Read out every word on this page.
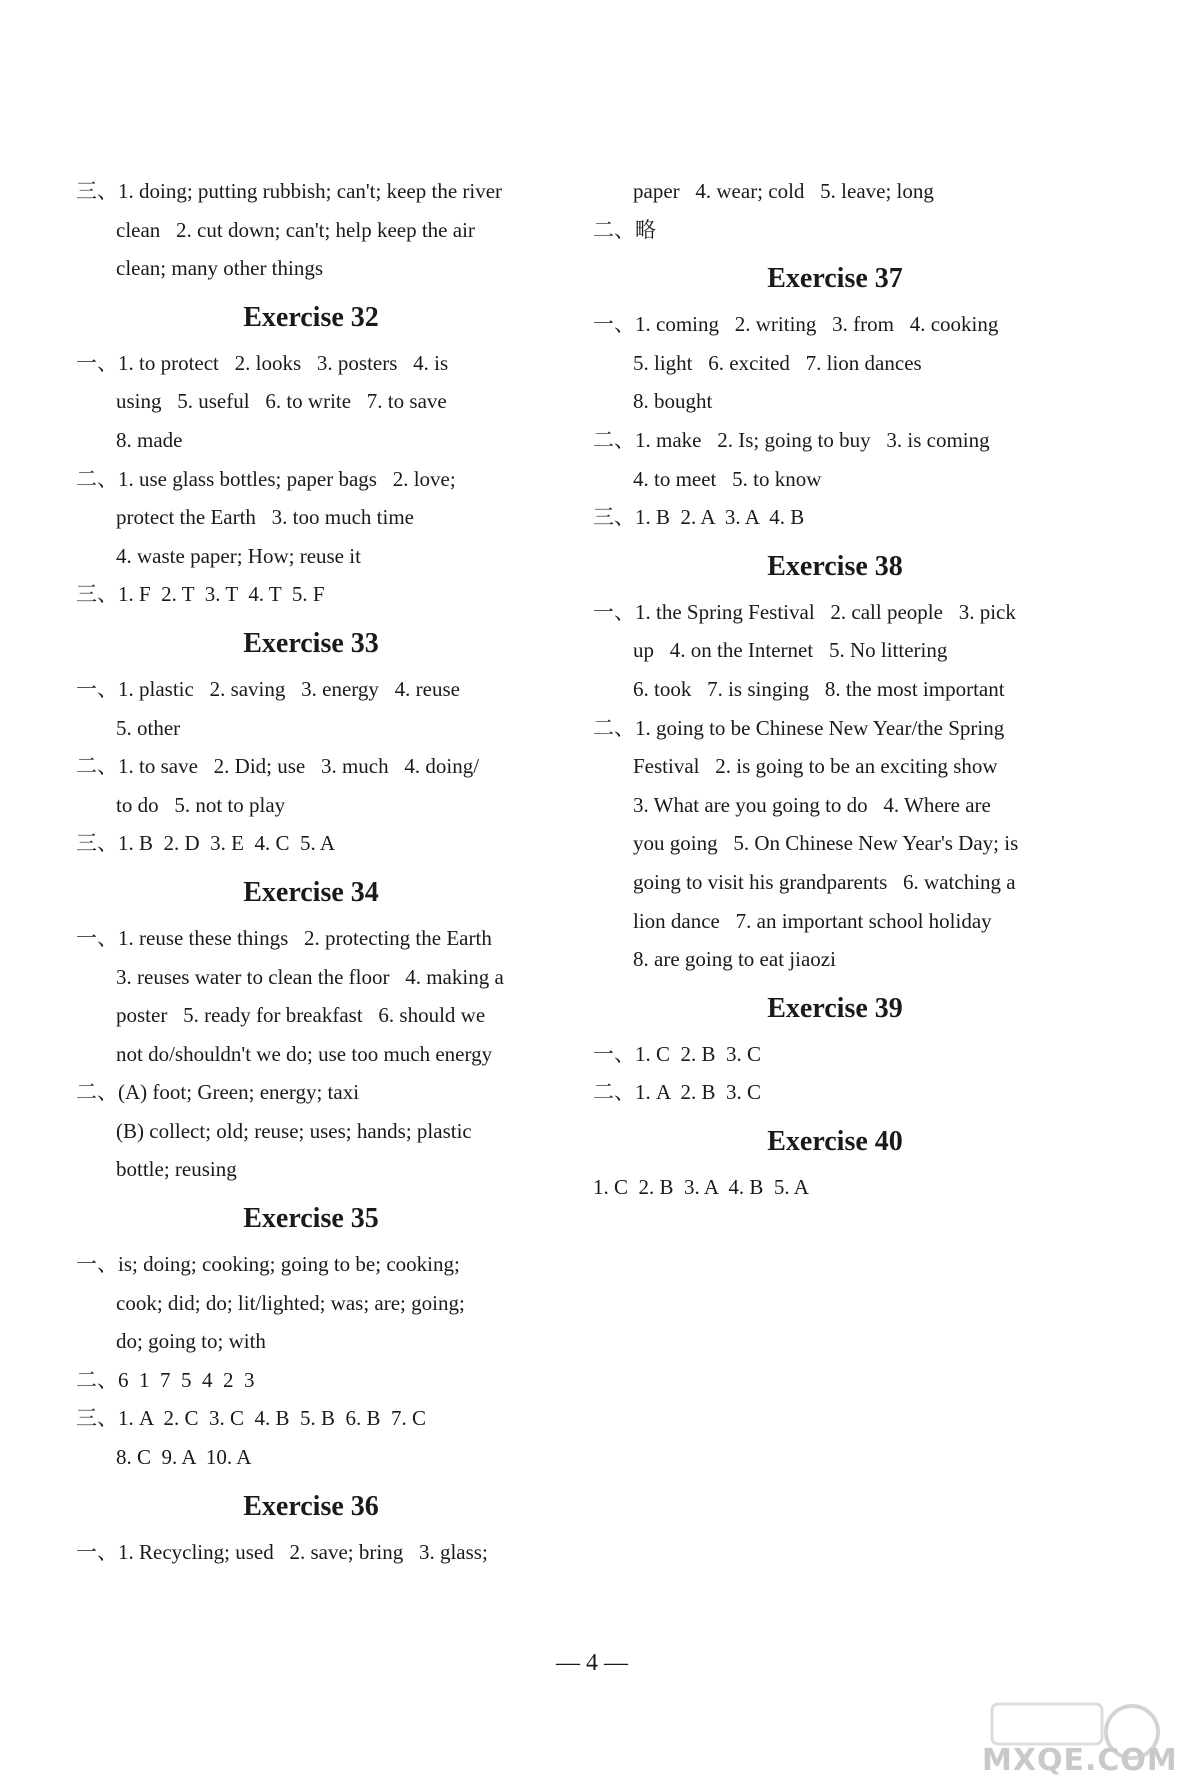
三、1. doing; putting rubbish; can't; keep the river
clean   2. cut down; can't; help keep the air
clean; many other things
Exercise 32
一、1. to protect   2. looks   3. posters   4. is
using   5. useful   6. to write   7. to save
8. made
二、1. use glass bottles; paper bags   2. love;
protect the Earth   3. too much time
4. waste paper; How; reuse it
三、1. F  2. T  3. T  4. T  5. F
Exercise 33
一、1. plastic   2. saving   3. energy   4. reuse
5. other
二、1. to save   2. Did; use   3. much   4. doing/
to do   5. not to play
三、1. B  2. D  3. E  4. C  5. A
Exercise 34
一、1. reuse these things   2. protecting the Earth
3. reuses water to clean the floor   4. making a
poster   5. ready for breakfast   6. should we
not do/shouldn't we do; use too much energy
二、(A) foot; Green; energy; taxi
(B) collect; old; reuse; uses; hands; plastic
bottle; reusing
Exercise 35
一、is; doing; cooking; going to be; cooking;
cook; did; do; lit/lighted; was; are; going;
do; going to; with
二、6  1  7  5  4  2  3
三、1. A  2. C  3. C  4. B  5. B  6. B  7. C
8. C  9. A  10. A
Exercise 36
一、1. Recycling; used   2. save; bring   3. glass;
paper   4. wear; cold   5. leave; long
二、略
Exercise 37
一、1. coming   2. writing   3. from   4. cooking
5. light   6. excited   7. lion dances
8. bought
二、1. make   2. Is; going to buy   3. is coming
4. to meet   5. to know
三、1. B  2. A  3. A  4. B
Exercise 38
一、1. the Spring Festival   2. call people   3. pick
up   4. on the Internet   5. No littering
6. took   7. is singing   8. the most important
二、1. going to be Chinese New Year/the Spring
Festival   2. is going to be an exciting show
3. What are you going to do   4. Where are
you going   5. On Chinese New Year's Day; is
going to visit his grandparents   6. watching a
lion dance   7. an important school holiday
8. are going to eat jiaozi
Exercise 39
一、1. C  2. B  3. C
二、1. A  2. B  3. C
Exercise 40
1. C  2. B  3. A  4. B  5. A
— 4 —
MXQE.COM
